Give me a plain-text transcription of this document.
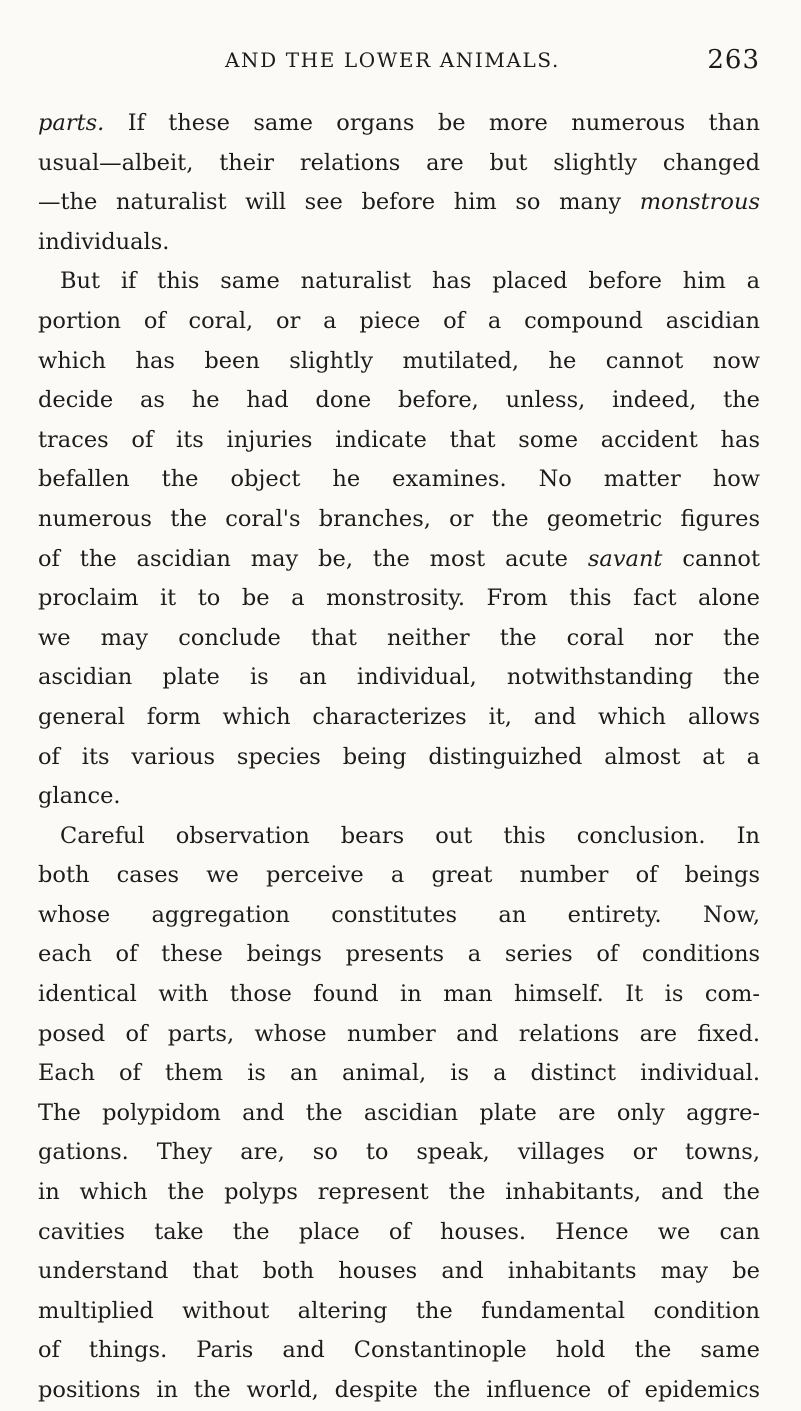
AND THE LOWER ANIMALS.	263
parts. If these same organs be more numerous than
usual—albeit, their relations are but slightly changed
—the naturalist will see before him so many monstrous
individuals.
But if this same naturalist has placed before him a
portion of coral, or a piece of a compound ascidian
which has been slightly mutilated, he cannot now
decide as he had done before, unless, indeed, the
traces of its injuries indicate that some accident has
befallen the object he examines. No matter how
numerous the coral's branches, or the geometric figures
of the ascidian may be, the most acute savant cannot
proclaim it to be a monstrosity. From this fact alone
we may conclude that neither the coral nor the
ascidian plate is an individual, notwithstanding the
general form which characterizes it, and which allows
of its various species being distinguizhed almost at a
glance.
Careful observation bears out this conclusion. In
both cases we perceive a great number of beings
whose aggregation constitutes an entirety. Now,
each of these beings presents a series of conditions
identical with those found in man himself. It is com-
posed of parts, whose number and relations are fixed.
Each of them is an animal, is a distinct individual.
The polypidom and the ascidian plate are only aggre-
gations. They are, so to speak, villages or towns,
in which the polyps represent the inhabitants, and the
cavities take the place of houses. Hence we can
understand that both houses and inhabitants may be
multiplied without altering the fundamental condition
of things. Paris and Constantinople hold the same
positions in the world, despite the influence of epidemics
